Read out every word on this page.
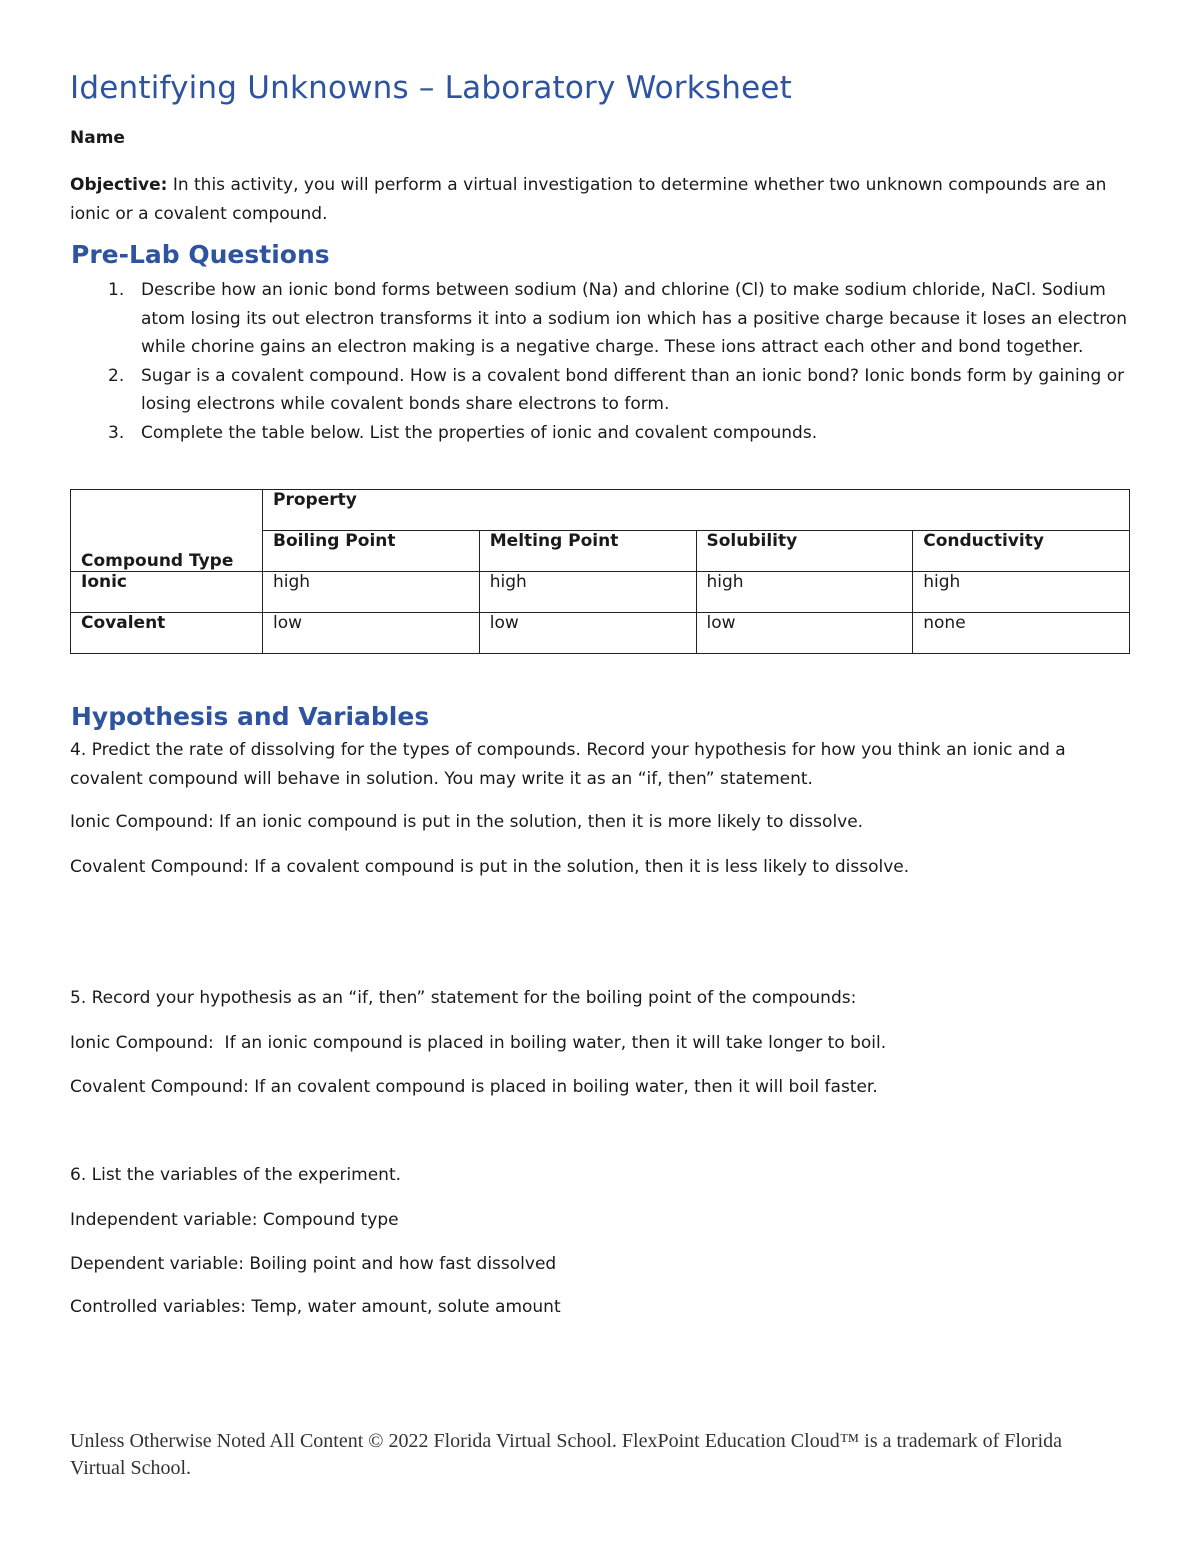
Identifying Unknowns – Laboratory Worksheet

Name

Objective: In this activity, you will perform a virtual investigation to determine whether two unknown compounds are an ionic or a covalent compound.

Pre-Lab Questions
1. Describe how an ionic bond forms between sodium (Na) and chlorine (Cl) to make sodium chloride, NaCl. Sodium atom losing its out electron transforms it into a sodium ion which has a positive charge because it loses an electron while chorine gains an electron making is a negative charge. These ions attract each other and bond together.
2. Sugar is a covalent compound. How is a covalent bond different than an ionic bond? Ionic bonds form by gaining or losing electrons while covalent bonds share electrons to form.
3. Complete the table below. List the properties of ionic and covalent compounds.
Compound Type	Property			
	Boiling Point	Melting Point	Solubility	Conductivity
Ionic	high	high	high	high
Covalent	low	low	low	none
Hypothesis and Variables

4. Predict the rate of dissolving for the types of compounds. Record your hypothesis for how you think an ionic and a covalent compound will behave in solution. You may write it as an “if, then” statement.

Ionic Compound: If an ionic compound is put in the solution, then it is more likely to dissolve.

Covalent Compound: If a covalent compound is put in the solution, then it is less likely to dissolve.

5. Record your hypothesis as an “if, then” statement for the boiling point of the compounds:

Ionic Compound:  If an ionic compound is placed in boiling water, then it will take longer to boil.

Covalent Compound: If an covalent compound is placed in boiling water, then it will boil faster.

6. List the variables of the experiment.

Independent variable: Compound type

Dependent variable: Boiling point and how fast dissolved

Controlled variables: Temp, water amount, solute amount

Unless Otherwise Noted All Content © 2022 Florida Virtual School. FlexPoint Education Cloud™ is a trademark of Florida Virtual School.
